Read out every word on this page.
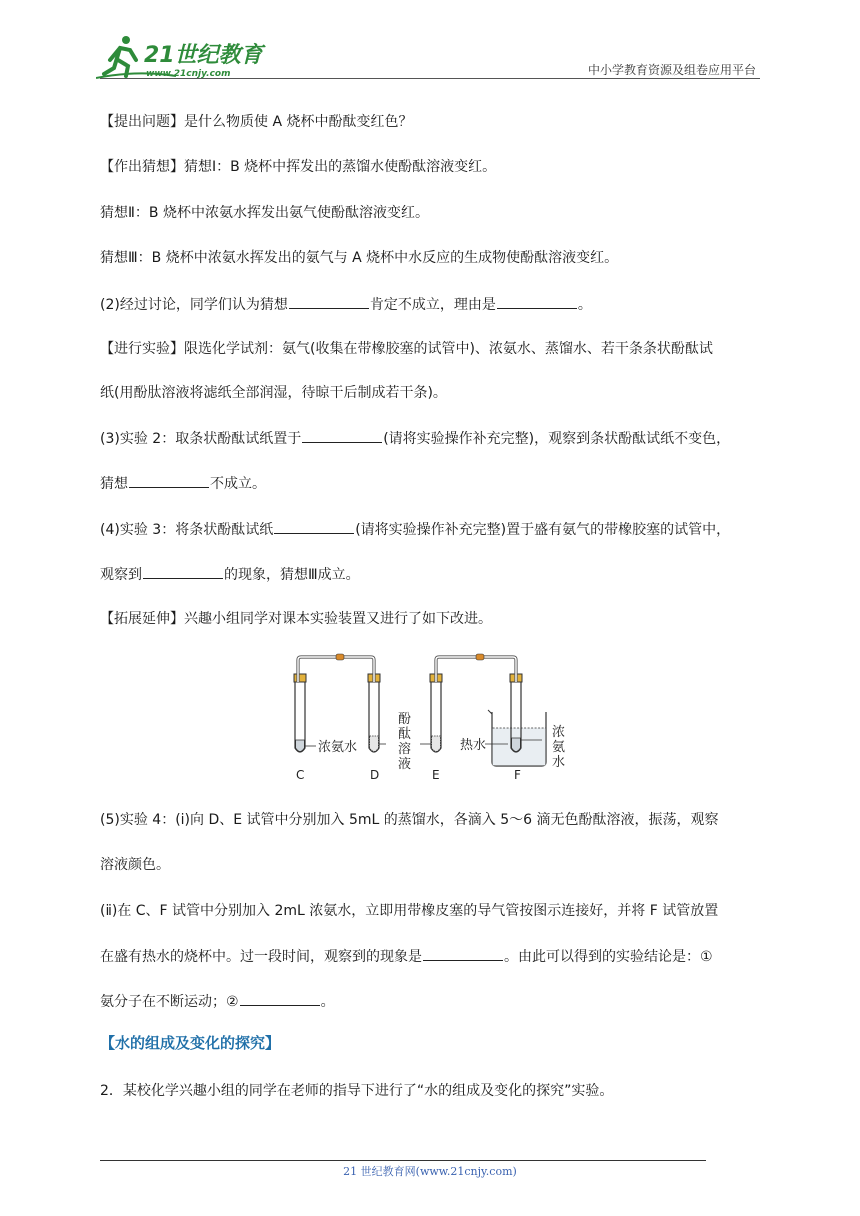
21世纪教育
www.21cnjy.com	中小学教育资源及组卷应用平台
【提出问题】是什么物质使 A 烧杯中酚酞变红色？
【作出猜想】猜想Ⅰ：B 烧杯中挥发出的蒸馏水使酚酞溶液变红。
猜想Ⅱ：B 烧杯中浓氨水挥发出氨气使酚酞溶液变红。
猜想Ⅲ：B 烧杯中浓氨水挥发出的氨气与 A 烧杯中水反应的生成物使酚酞溶液变红。
(2)经过讨论，同学们认为猜想	肯定不成立，理由是	。
【进行实验】限选化学试剂：氨气(收集在带橡胶塞的试管中)、浓氨水、蒸馏水、若干条条状酚酞试
纸(用酚肽溶液将滤纸全部润湿，待晾干后制成若干条)。
(3)实验 2：取条状酚酞试纸置于	(请将实验操作补充完整)，观察到条状酚酞试纸不变色，
猜想	不成立。
(4)实验 3：将条状酚酞试纸	(请将实验操作补充完整)置于盛有氨气的带橡胶塞的试管中，
观察到	的现象，猜想Ⅲ成立。
【拓展延伸】兴趣小组同学对课本实验装置又进行了如下改进。
浓氨水
酚
酞
溶
液
热水
浓
氨
水
C	D	E	F
(5)实验 4：(ⅰ)向 D、E 试管中分别加入 5mL 的蒸馏水，各滴入 5～6 滴无色酚酞溶液，振荡，观察
溶液颜色。
(ⅱ)在 C、F 试管中分别加入 2mL 浓氨水，立即用带橡皮塞的导气管按图示连接好，并将 F 试管放置
在盛有热水的烧杯中。过一段时间，观察到的现象是	。由此可以得到的实验结论是：①
氨分子在不断运动；②	。
【水的组成及变化的探究】
2．某校化学兴趣小组的同学在老师的指导下进行了“水的组成及变化的探究”实验。
21 世纪教育网(www.21cnjy.com)
